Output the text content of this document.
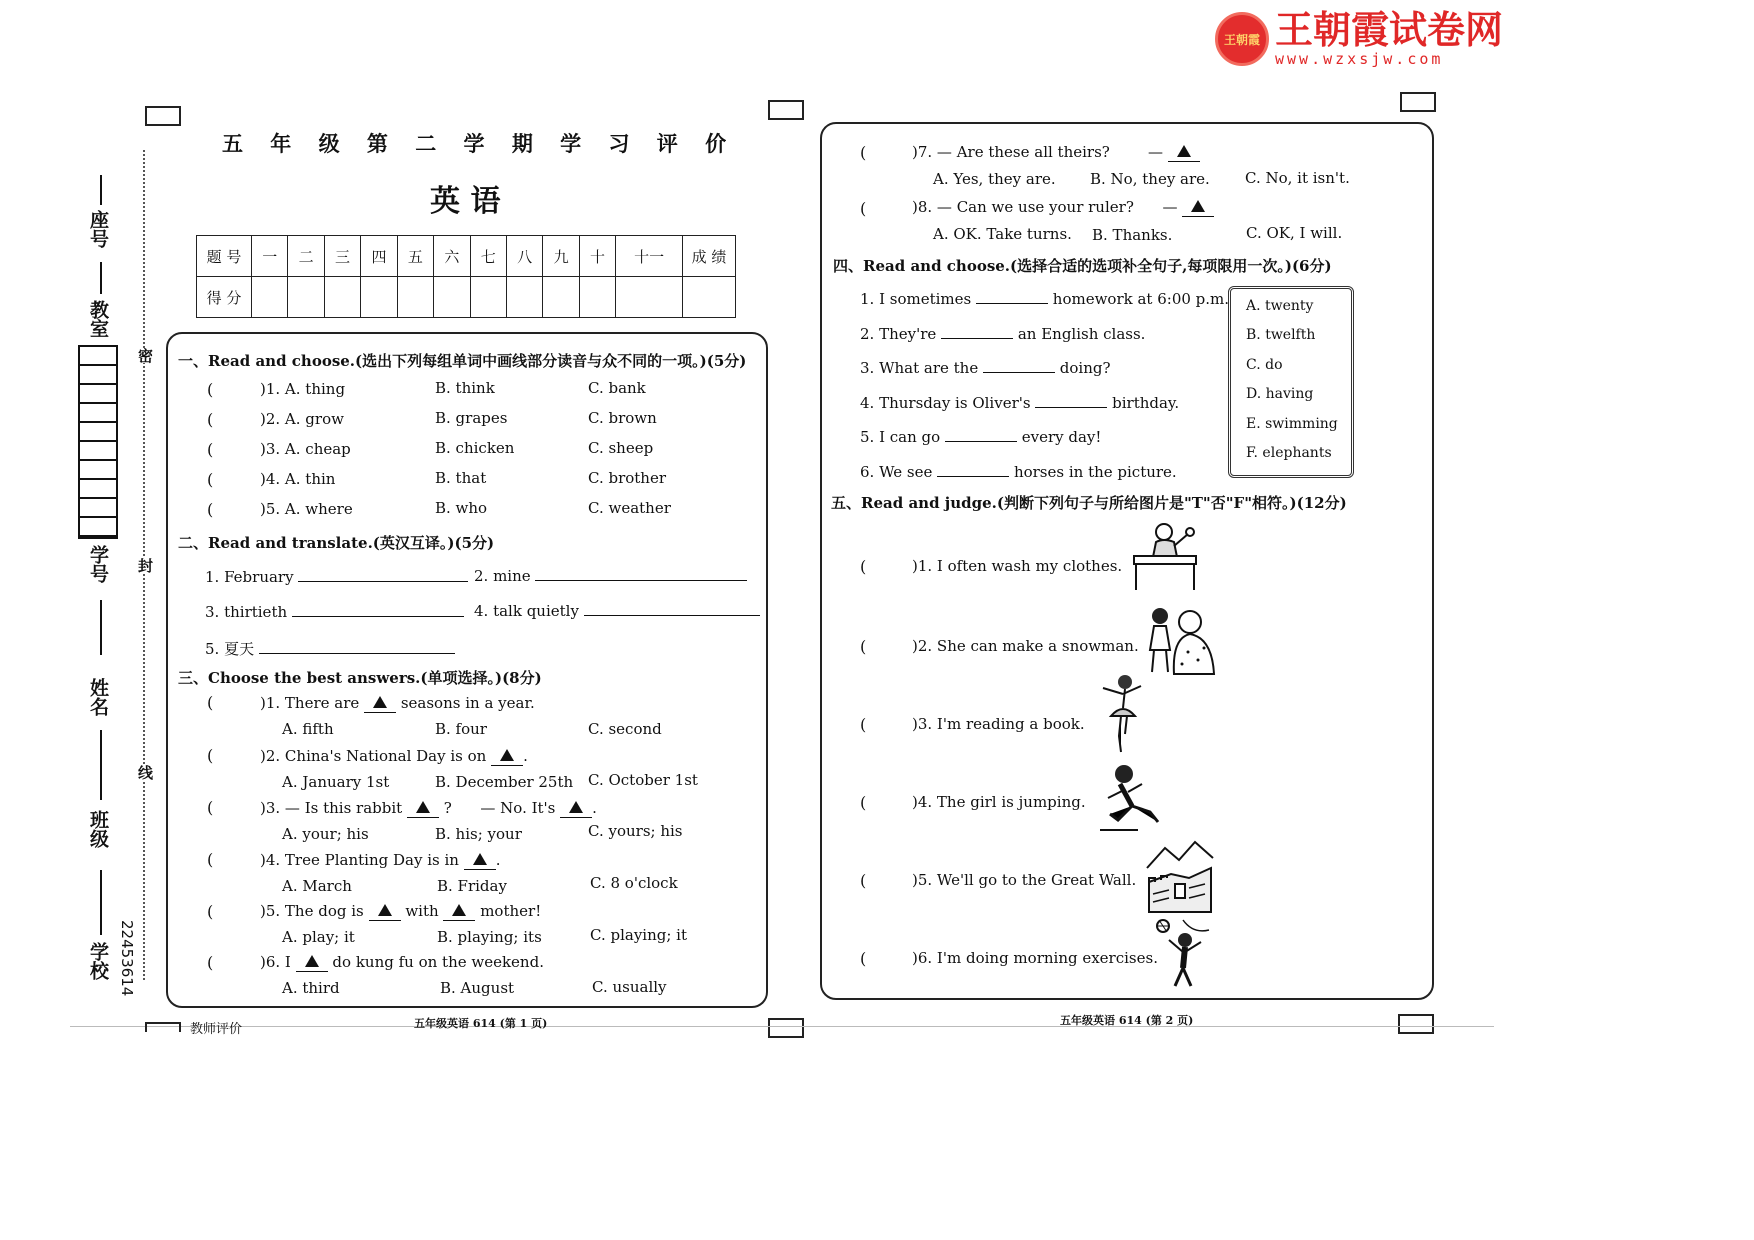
王朝霞 王朝霞试卷网
www.wzxsjw.com
座号
教室
学号
姓名
班级
学校 22453614
密
封
线
五 年 级 第 二 学 期 学 习 评 价
英 语
题 号	一	二	三	四	五	六	七	八	九	十	十一	成 绩
得 分												
一、Read and choose.(选出下列每组单词中画线部分读音与众不同的一项。)(5分)
二、Read and translate.(英汉互译。)(5分)
1. February	2. mine
3. thirtieth	4. talk quietly
5. 夏天
三、Choose the best answers.(单项选择。)(8分)
(	)1. There are	seasons in a year.
A. fifth	B. four	C. second
(	)2. China's National Day is on .
A. January 1st	B. December 25th C. October 1st
(	)3. — Is this rabbit	? — No. It's .
A. your; his	B. his; your	C. yours; his
(	)4. Tree Planting Day is in .
A. March	B. Friday	C. 8 o'clock
(	)5. The dog is	with	mother!
A. play; it	B. playing; its	C. playing; it
(	)6. I	do kung fu on the weekend.
A. third	B. August	C. usually
教师评价	五年级英语 614 (第 1 页)	五年级英语 614 (第 2 页)
(	)7. — Are these all theirs?	—
A. Yes, they are. B. No, they are. C. No, it isn't.
(	)8. — Can we use your ruler? —
A. OK. Take turns. B. Thanks.	C. OK, I will.
四、Read and choose.(选择合适的选项补全句子,每项限用一次。)(6分)
五、Read and judge.(判断下列句子与所给图片是"T"否"F"相符。)(12分)
(	)1. A. thing	B. think	C. bank
(	)2. A. grow	B. grapes	C. brown
(	)3. A. cheap	B. chicken	C. sheep
(	)4. A. thin	B. that	C. brother
(	)5. A. where	B. who	C. weather
1. I sometimes	homework at 6:00 p.m.
2. They're	an English class.
3. What are the	doing?
4. Thursday is Oliver's	birthday.
5. I can go	every day!
6. We see	horses in the picture.
A. twenty
B. twelfth
C. do
D. having
E. swimming
F. elephants
(	)1. I often wash my clothes.
(	)2. She can make a snowman.
(	)3. I'm reading a book.
(	)4. The girl is jumping.
(	)5. We'll go to the Great Wall.
(	)6. I'm doing morning exercises.
